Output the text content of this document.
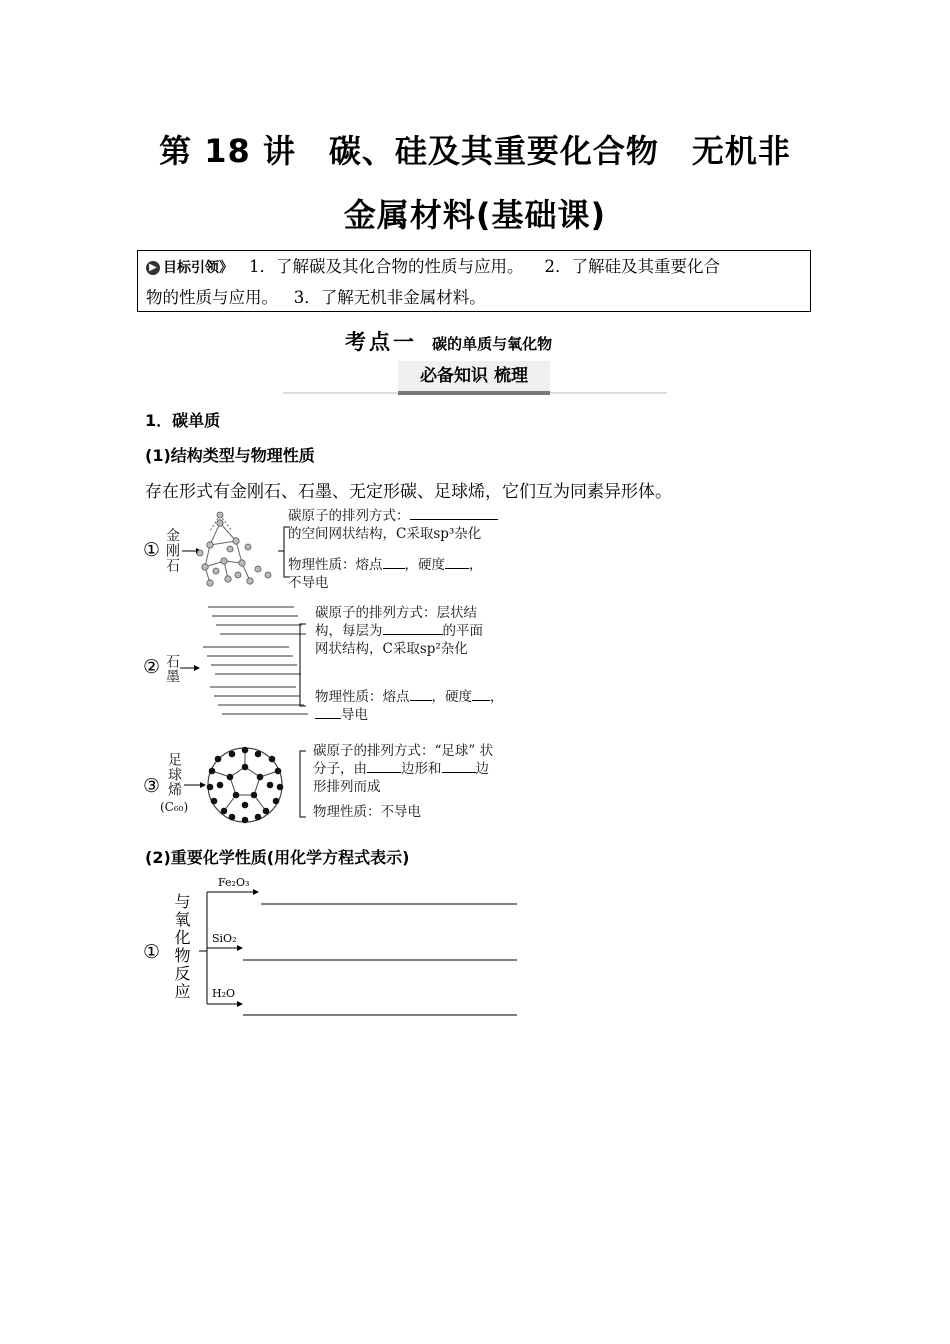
第 18 讲　碳、硅及其重要化合物　无机非
金属材料(基础课)
▶ 目标引领》 1．了解碳及其化合物的性质与应用。 2．了解硅及其重要化合
物的性质与应用。 3．了解无机非金属材料。
考点一 碳的单质与氧化物
必备知识 梳理
1．碳单质
(1)结构类型与物理性质
存在形式有金刚石、石墨、无定形碳、足球烯，它们互为同素异形体。
① 金刚石
碳原子的排列方式：
的空间网状结构，C采取sp³杂化
物理性质：熔点 ，硬度 ，
不导电
② 石墨
碳原子的排列方式：层状结
构，每层为	的平面
网状结构，C采取sp²杂化
物理性质：熔点 ，硬度 ，
导电
③ 足球烯
(C₆₀)
碳原子的排列方式：“足球” 状
分子，由	边形和	边
形排列而成
物理性质：不导电
(2)重要化学性质(用化学方程式表示)
① 与氧化物反应
Fe₂O₃
SiO₂
H₂O
